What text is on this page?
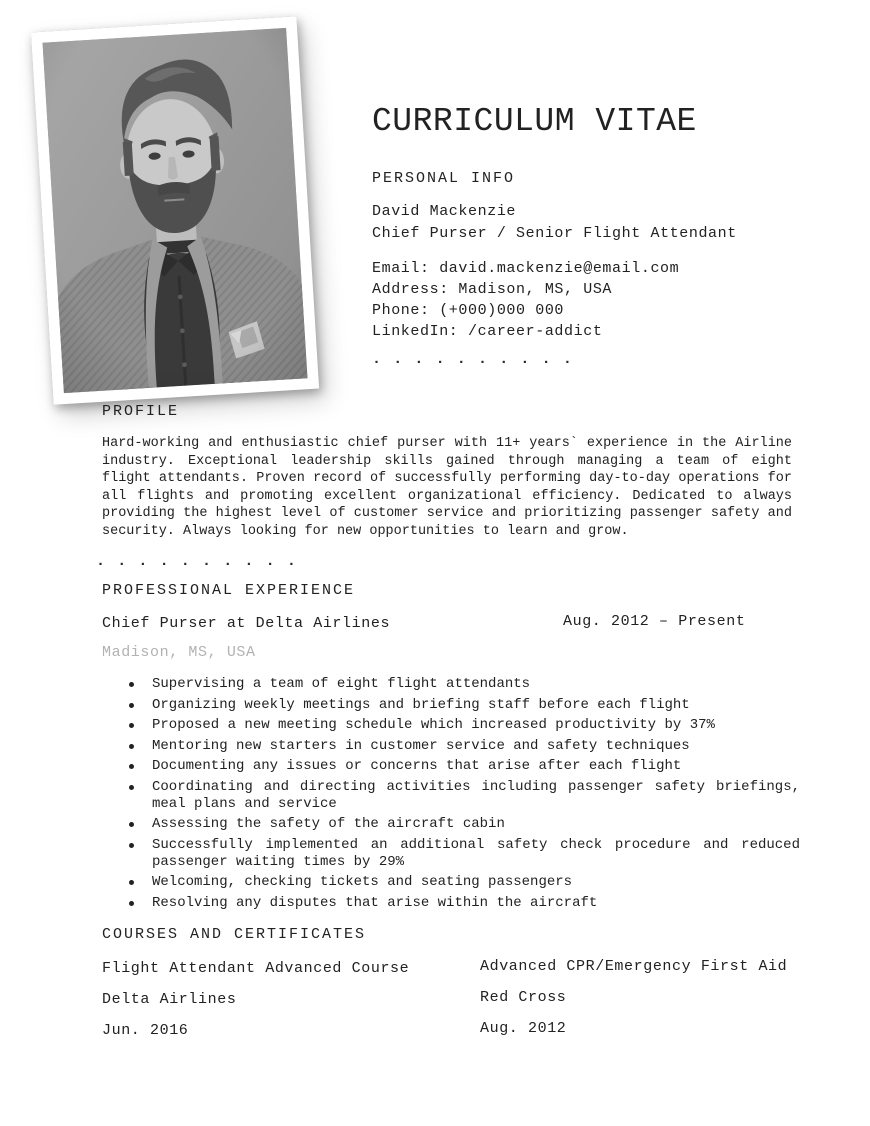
CURRICULUM VITAE
PERSONAL INFO
David Mackenzie
Chief Purser / Senior Flight Attendant
Email: david.mackenzie@email.com
Address: Madison, MS, USA
Phone: (+000)000 000
LinkedIn: /career-addict
. . . . . . . . . .
PROFILE
Hard-working and enthusiastic chief purser with 11+ years` experience in the Airline industry. Exceptional leadership skills gained through managing a team of eight flight attendants. Proven record of successfully performing day-to-day operations for all flights and promoting excellent organizational efficiency. Dedicated to always providing the highest level of customer service and prioritizing passenger safety and security. Always looking for new opportunities to learn and grow.
. . . . . . . . . .
PROFESSIONAL EXPERIENCE
Chief Purser at Delta Airlines	Aug. 2012 – Present
Madison, MS, USA
Supervising a team of eight flight attendants
Organizing weekly meetings and briefing staff before each flight
Proposed a new meeting schedule which increased productivity by 37%
Mentoring new starters in customer service and safety techniques
Documenting any issues or concerns that arise after each flight
Coordinating and directing activities including passenger safety briefings, meal plans and service
Assessing the safety of the aircraft cabin
Successfully implemented an additional safety check procedure and reduced passenger waiting times by 29%
Welcoming, checking tickets and seating passengers
Resolving any disputes that arise within the aircraft
COURSES AND CERTIFICATES
Flight Attendant Advanced Course	Advanced CPR/Emergency First Aid
Delta Airlines	Red Cross
Jun. 2016	Aug. 2012
